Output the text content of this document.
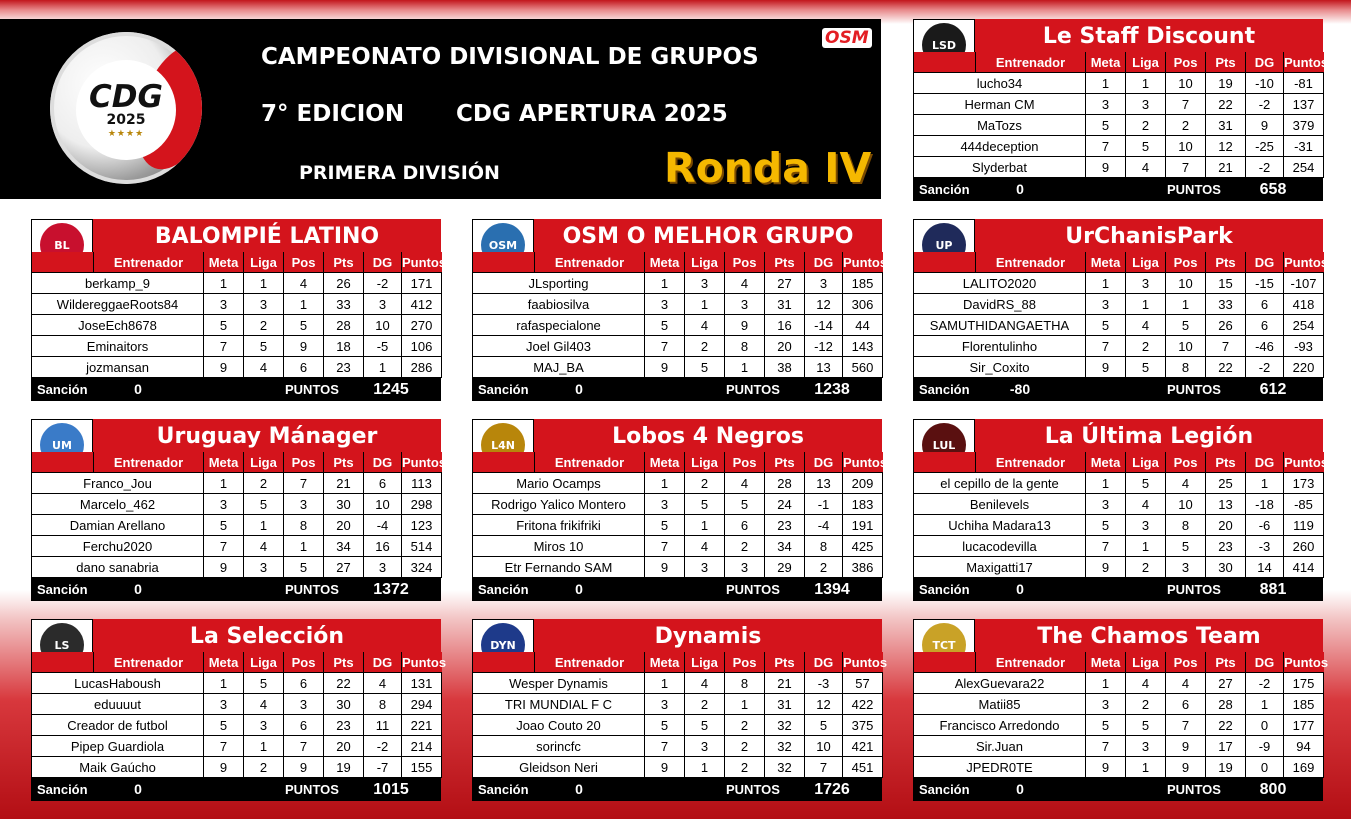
CDG
2025
★★★★
CAMPEONATO DIVISIONAL DE GRUPOS
7° EDICION CDG APERTURA 2025
PRIMERA DIVISIÓN
OSM
Ronda IV
LSD	Le Staff Discount
	Entrenador	Meta	Liga	Pos	Pts	DG	Puntos
lucho34		1	1	10	19	-10	-81
Herman CM		3	3	7	22	-2	137
MaTozs		5	2	2	31	9	379
444deception		7	5	10	12	-25	-31
Slyderbat		9	4	7	21	-2	254
Sanción	0	PUNTOS	658
BL	BALOMPIÉ LATINO
	Entrenador	Meta	Liga	Pos	Pts	DG	Puntos
berkamp_9		1	1	4	26	-2	171
WildereggaeRoots84		3	3	1	33	3	412
JoseEch8678		5	2	5	28	10	270
Eminaitors		7	5	9	18	-5	106
jozmansan		9	4	6	23	1	286
Sanción	0	PUNTOS	1245
OSM	OSM O MELHOR GRUPO
	Entrenador	Meta	Liga	Pos	Pts	DG	Puntos
JLsporting		1	3	4	27	3	185
faabiosilva		3	1	3	31	12	306
rafaspecialone		5	4	9	16	-14	44
Joel Gil403		7	2	8	20	-12	143
MAJ_BA		9	5	1	38	13	560
Sanción	0	PUNTOS	1238
UP	UrChanisPark
	Entrenador	Meta	Liga	Pos	Pts	DG	Puntos
LALITO2020		1	3	10	15	-15	-107
DavidRS_88		3	1	1	33	6	418
SAMUTHIDANGAETHA		5	4	5	26	6	254
Florentulinho		7	2	10	7	-46	-93
Sir_Coxito		9	5	8	22	-2	220
Sanción	-80	PUNTOS	612
UM	Uruguay Mánager
	Entrenador	Meta	Liga	Pos	Pts	DG	Puntos
Franco_Jou		1	2	7	21	6	113
Marcelo_462		3	5	3	30	10	298
Damian Arellano		5	1	8	20	-4	123
Ferchu2020		7	4	1	34	16	514
dano sanabria		9	3	5	27	3	324
Sanción	0	PUNTOS	1372
L4N	Lobos 4 Negros
	Entrenador	Meta	Liga	Pos	Pts	DG	Puntos
Mario Ocamps		1	2	4	28	13	209
Rodrigo Yalico Montero		3	5	5	24	-1	183
Fritona frikifriki		5	1	6	23	-4	191
Miros 10		7	4	2	34	8	425
Etr Fernando SAM		9	3	3	29	2	386
Sanción	0	PUNTOS	1394
LUL	La Última Legión
	Entrenador	Meta	Liga	Pos	Pts	DG	Puntos
el cepillo de la gente		1	5	4	25	1	173
Benilevels		3	4	10	13	-18	-85
Uchiha Madara13		5	3	8	20	-6	119
lucacodevilla		7	1	5	23	-3	260
Maxigatti17		9	2	3	30	14	414
Sanción	0	PUNTOS	881
LS	La Selección
	Entrenador	Meta	Liga	Pos	Pts	DG	Puntos
LucasHaboush		1	5	6	22	4	131
eduuuut		3	4	3	30	8	294
Creador de futbol		5	3	6	23	11	221
Pipep Guardiola		7	1	7	20	-2	214
Maik Gaúcho		9	2	9	19	-7	155
Sanción	0	PUNTOS	1015
DYN	Dynamis
	Entrenador	Meta	Liga	Pos	Pts	DG	Puntos
Wesper Dynamis		1	4	8	21	-3	57
TRI MUNDIAL F C		3	2	1	31	12	422
Joao Couto 20		5	5	2	32	5	375
sorincfc		7	3	2	32	10	421
Gleidson Neri		9	1	2	32	7	451
Sanción	0	PUNTOS	1726
TCT	The Chamos Team
	Entrenador	Meta	Liga	Pos	Pts	DG	Puntos
AlexGuevara22		1	4	4	27	-2	175
Matii85		3	2	6	28	1	185
Francisco Arredondo		5	5	7	22	0	177
Sir.Juan		7	3	9	17	-9	94
JPEDR0TE		9	1	9	19	0	169
Sanción	0	PUNTOS	800
